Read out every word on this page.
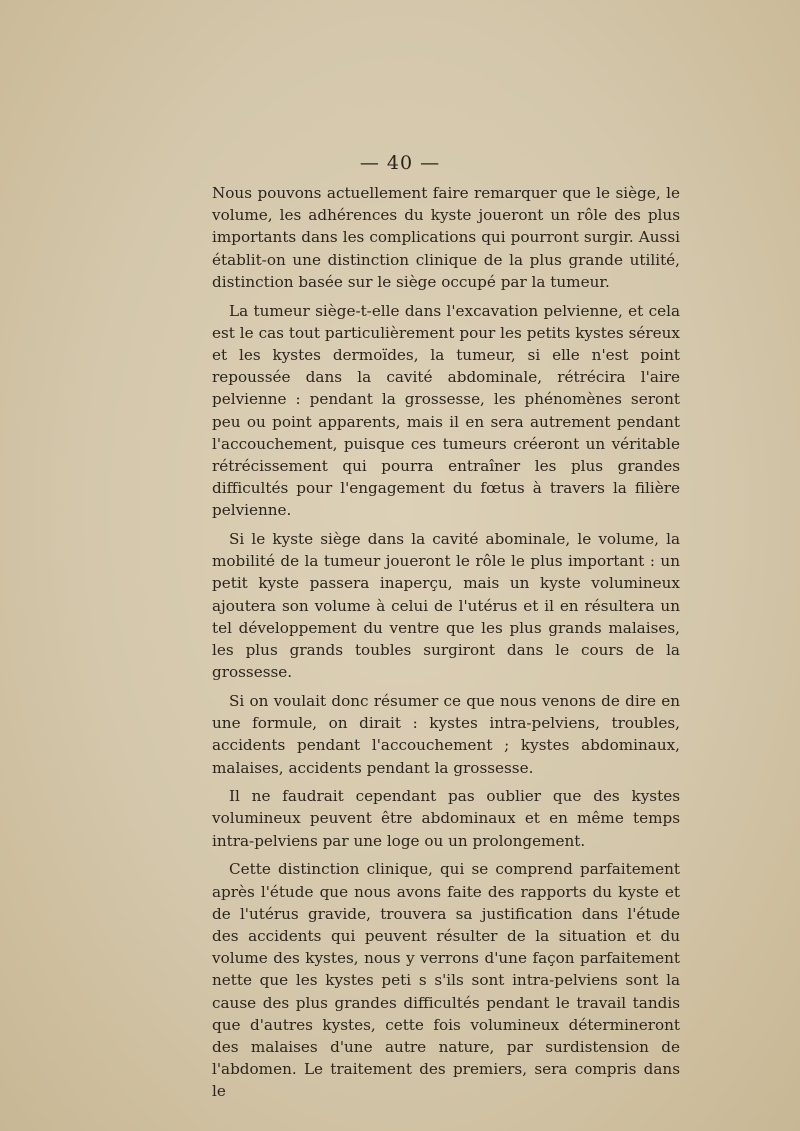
— 40 —

Nous pouvons actuellement faire remarquer que le siège, le volume, les adhérences du kyste joueront un rôle des plus importants dans les complications qui pourront surgir. Aussi établit-on une distinction clinique de la plus grande utilité, distinction basée sur le siège occupé par la tumeur.

La tumeur siège-t-elle dans l'excavation pelvienne, et cela est le cas tout particulièrement pour les petits kystes séreux et les kystes dermoïdes, la tumeur, si elle n'est point repoussée dans la cavité abdominale, rétrécira l'aire pelvienne : pendant la grossesse, les phénomènes seront peu ou point apparents, mais il en sera autrement pendant l'accouchement, puisque ces tumeurs créeront un véritable rétrécissement qui pourra entraîner les plus grandes difficultés pour l'engagement du fœtus à travers la filière pelvienne.

Si le kyste siège dans la cavité abominale, le volume, la mobilité de la tumeur joueront le rôle le plus important : un petit kyste passera inaperçu, mais un kyste volumineux ajoutera son volume à celui de l'utérus et il en résultera un tel développement du ventre que les plus grands malaises, les plus grands toubles surgiront dans le cours de la grossesse.

Si on voulait donc résumer ce que nous venons de dire en une formule, on dirait : kystes intra-pelviens, troubles, accidents pendant l'accouchement ; kystes abdominaux, malaises, accidents pendant la grossesse.

Il ne faudrait cependant pas oublier que des kystes volumineux peuvent être abdominaux et en même temps intra-pelviens par une loge ou un prolongement.

Cette distinction clinique, qui se comprend parfaitement après l'étude que nous avons faite des rapports du kyste et de l'utérus gravide, trouvera sa justification dans l'étude des accidents qui peuvent résulter de la situation et du volume des kystes, nous y verrons d'une façon parfaitement nette que les kystes peti s s'ils sont intra-pelviens sont la cause des plus grandes difficultés pendant le travail tandis que d'autres kystes, cette fois volumineux détermineront des malaises d'une autre nature, par surdistension de l'abdomen. Le traitement des premiers, sera compris dans le
